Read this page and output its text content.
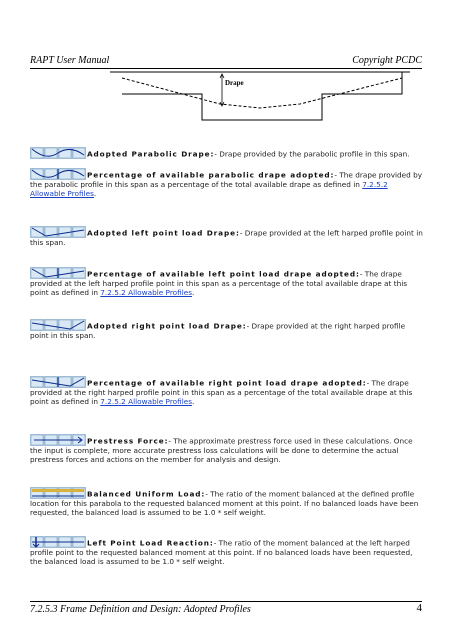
RAPT User Manual	Copyright PCDC
Drape
Adopted Parabolic Drape:- Drape provided by the parabolic profile in this span.
Percentage of available parabolic drape adopted:- The drape provided by the parabolic profile in this span as a percentage of the total available drape as defined in 7.2.5.2 Allowable Profiles.
Adopted left point load Drape:- Drape provided at the left harped profile point in this span.
Percentage of available left point load drape adopted:- The drape provided at the left harped profile point in this span as a percentage of the total available drape at this point as defined in 7.2.5.2 Allowable Profiles.
Adopted right point load Drape:- Drape provided at the right harped profile point in this span.
Percentage of available right point load drape adopted:- The drape provided at the right harped profile point in this span as a percentage of the total available drape at this point as defined in 7.2.5.2 Allowable Profiles.
Prestress Force:- The approximate prestress force used in these calculations. Once the input is complete, more accurate prestress loss calculations will be done to determine the actual prestress forces and actions on the member for analysis and design.
Balanced Uniform Load:- The ratio of the moment balanced at the defined profile location for this parabola to the requested balanced moment at this point. If no balanced loads have been requested, the balanced load is assumed to be 1.0 * self weight.
Left Point Load Reaction:- The ratio of the moment balanced at the left harped profile point to the requested balanced moment at this point. If no balanced loads have been requested, the balanced load is assumed to be 1.0 * self weight.
7.2.5.3 Frame Definition and Design: Adopted Profiles	4
